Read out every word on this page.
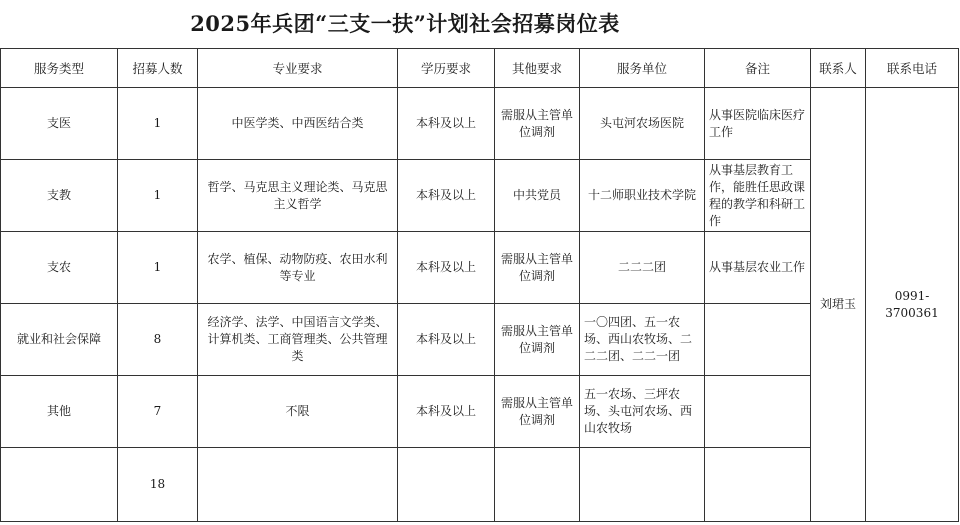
2025年兵团“三支一扶”计划社会招募岗位表
服务类型	招募人数	专业要求	学历要求	其他要求	服务单位	备注	联系人	联系电话
支医	1	中医学类、中西医结合类	本科及以上	需服从主管单位调剂	头屯河农场医院	从事医院临床医疗工作	刘珺玉	0991-3700361
支教	1	哲学、马克思主义理论类、马克思主义哲学	本科及以上	中共党员	十二师职业技术学院	从事基层教育工作，能胜任思政课程的教学和科研工作		
支农	1	农学、植保、动物防疫、农田水利等专业	本科及以上	需服从主管单位调剂	二二二团	从事基层农业工作		
就业和社会保障	8	经济学、法学、中国语言文学类、计算机类、工商管理类、公共管理类	本科及以上	需服从主管单位调剂	一〇四团、五一农场、西山农牧场、二二二团、二二一团			
其他	7	不限	本科及以上	需服从主管单位调剂	五一农场、三坪农场、头屯河农场、西山农牧场			
	18							
